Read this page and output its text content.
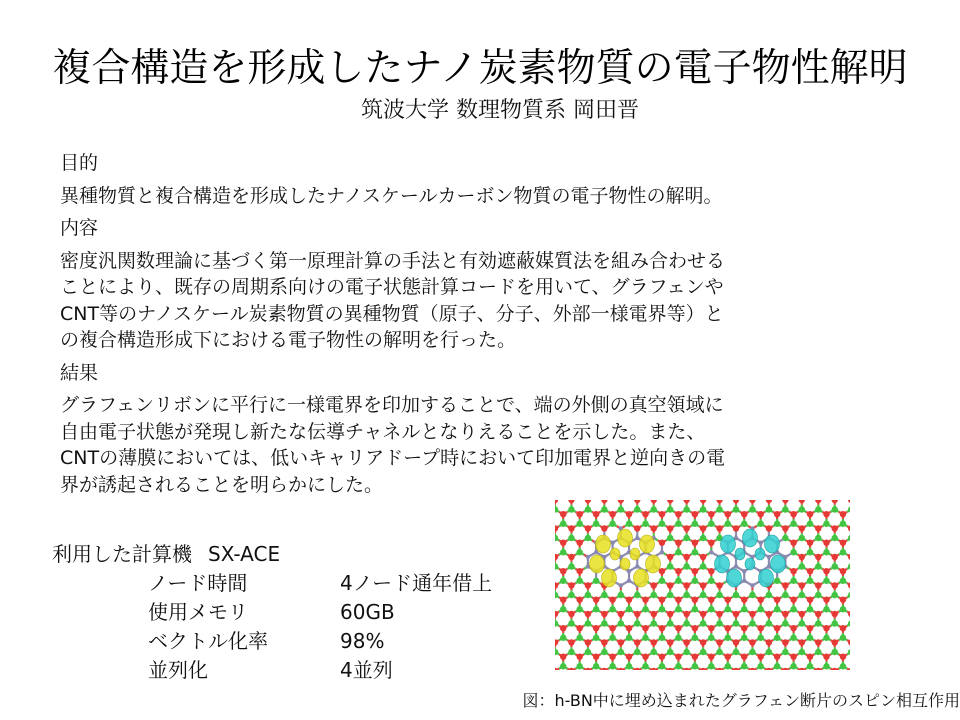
複合構造を形成したナノ炭素物質の電子物性解明
筑波大学 数理物質系 岡田晋

目的

異種物質と複合構造を形成したナノスケールカーボン物質の電子物性の解明。

内容

密度汎関数理論に基づく第一原理計算の手法と有効遮蔽媒質法を組み合わせる
ことにより、既存の周期系向けの電子状態計算コードを用いて、グラフェンや
CNT等のナノスケール炭素物質の異種物質（原子、分子、外部一様電界等）と
の複合構造形成下における電子物性の解明を行った。

結果

グラフェンリボンに平行に一様電界を印加することで、端の外側の真空領域に
自由電子状態が発現し新たな伝導チャネルとなりえることを示した。また、
CNTの薄膜においては、低いキャリアドープ時において印加電界と逆向きの電
界が誘起されることを明らかにした。
利用した計算機 SX-ACE
ノード時間	4ノード通年借上
使用メモリ	60GB
ベクトル化率	98%
並列化	4並列
図：h-BN中に埋め込まれたグラフェン断片のスピン相互作用
